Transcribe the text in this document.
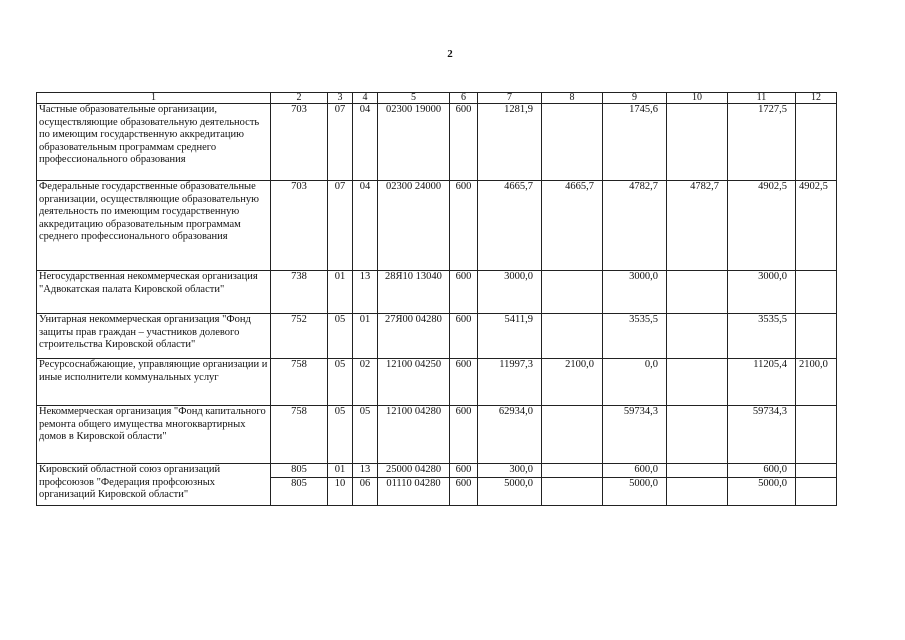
2
1	2	3	4	5	6	7	8	9	10	11	12
Частные образовательные организации, осуществляющие образовательную деятельность по имеющим государственную аккредитацию образовательным программам среднего профессионального образования	703	07	04	02300 19000	600	1281,9		1745,6		1727,5	
Федеральные государственные образовательные организации, осуществляющие образовательную деятельность по имеющим государственную аккредитацию образовательным программам среднего профессионального образования	703	07	04	02300 24000	600	4665,7	4665,7	4782,7	4782,7	4902,5	4902,5
Негосударственная некоммерческая организация "Адвокатская палата Кировской области"	738	01	13	28Я10 13040	600	3000,0		3000,0		3000,0	
Унитарная некоммерческая организация "Фонд защиты прав граждан – участников долевого строительства Кировской области"	752	05	01	27Я00 04280	600	5411,9		3535,5		3535,5	
Ресурсоснабжающие, управляющие организации и иные исполнители коммунальных услуг	758	05	02	12100 04250	600	11997,3	2100,0	0,0		11205,4	2100,0
Некоммерческая организация "Фонд капитального ремонта общего имущества многоквартирных домов в Кировской области"	758	05	05	12100 04280	600	62934,0		59734,3		59734,3	
Кировский областной союз организаций профсоюзов "Федерация профсоюзных организаций Кировской области"	805	01	13	25000 04280	600	300,0		600,0		600,0	
	805	10	06	01110 04280	600	5000,0		5000,0		5000,0	
